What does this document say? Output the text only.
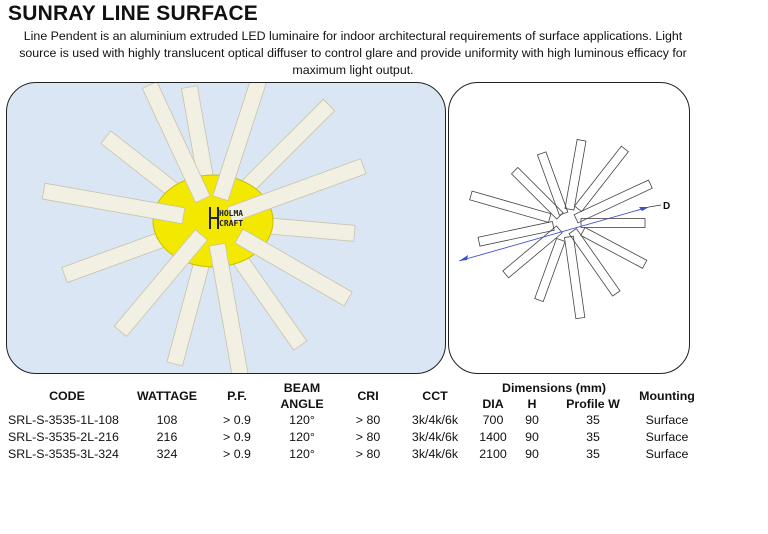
SUNRAY LINE SURFACE
Line Pendent is an aluminium extruded LED luminaire for indoor architectural requirements of surface applications. Light source is used with highly translucent optical diffuser to control glare and provide uniformity with high luminous efficacy for maximum light output.
HOLMA
CRAFT
D
CODE	WATTAGE	P.F.	BEAM ANGLE	CRI	CCT	Dimensions (mm)			Mounting
						DIA	H	Profile W	
SRL-S-3535-1L-108	108	> 0.9	120°	> 80	3k/4k/6k	700	90	35	Surface
SRL-S-3535-2L-216	216	> 0.9	120°	> 80	3k/4k/6k	1400	90	35	Surface
SRL-S-3535-3L-324	324	> 0.9	120°	> 80	3k/4k/6k	2100	90	35	Surface
